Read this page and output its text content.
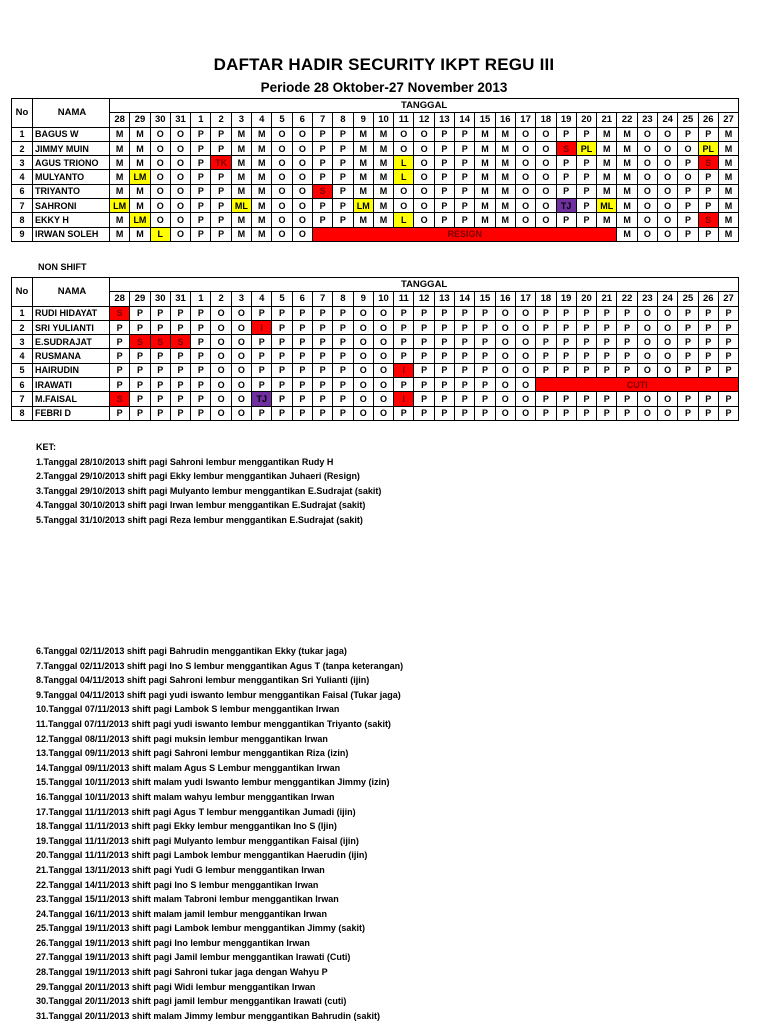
DAFTAR HADIR SECURITY IKPT REGU III
Periode 28 Oktober-27 November 2013
No	NAMA	TANGGAL																														
		28	29	30	31	1	2	3	4	5	6	7	8	9	10	11	12	13	14	15	16	17	18	19	20	21	22	23	24	25	26	27
1	BAGUS W	M	M	O	O	P	P	M	M	O	O	P	P	M	M	O	O	P	P	M	M	O	O	P	P	M	M	O	O	P	P	M
2	JIMMY MUIN	M	M	O	O	P	P	M	M	O	O	P	P	M	M	O	O	P	P	M	M	O	O	S	PL	M	M	O	O	O	PL	M
3	AGUS TRIONO	M	M	O	O	P	TK	M	M	O	O	P	P	M	M	L	O	P	P	M	M	O	O	P	P	M	M	O	O	P	S	M
4	MULYANTO	M	LM	O	O	P	P	M	M	O	O	P	P	M	M	L	O	P	P	M	M	O	O	P	P	M	M	O	O	O	P	M
6	TRIYANTO	M	M	O	O	P	P	M	M	O	O	S	P	M	M	O	O	P	P	M	M	O	O	P	P	M	M	O	O	P	P	M
7	SAHRONI	LM	M	O	O	P	P	ML	M	O	O	P	P	LM	M	O	O	P	P	M	M	O	O	TJ	P	ML	M	O	O	P	P	M
8	EKKY H	M	LM	O	O	P	P	M	M	O	O	P	P	M	M	L	O	P	P	M	M	O	O	P	P	M	M	O	O	P	S	M
9	IRWAN SOLEH	M	M	L	O	P	P	M	M	O	O	RESIGN															M	O	O	P	P	M
NON SHIFT
No	NAMA	TANGGAL																														
		28	29	30	31	1	2	3	4	5	6	7	8	9	10	11	12	13	14	15	16	17	18	19	20	21	22	23	24	25	26	27
1	RUDI HIDAYAT	S	P	P	P	P	O	O	P	P	P	P	P	O	O	P	P	P	P	P	O	O	P	P	P	P	P	O	O	P	P	P
2	SRI YULIANTI	P	P	P	P	P	O	O	I	P	P	P	P	O	O	P	P	P	P	P	O	O	P	P	P	P	P	O	O	P	P	P
3	E.SUDRAJAT	P	S	S	S	P	O	O	P	P	P	P	P	O	O	P	P	P	P	P	O	O	P	P	P	P	P	O	O	P	P	P
4	RUSMANA	P	P	P	P	P	O	O	P	P	P	P	P	O	O	P	P	P	P	P	O	O	P	P	P	P	P	O	O	P	P	P
5	HAIRUDIN	P	P	P	P	P	O	O	P	P	P	P	P	O	O	I	P	P	P	P	O	O	P	P	P	P	P	O	O	P	P	P
6	IRAWATI	P	P	P	P	P	O	O	P	P	P	P	P	O	O	P	P	P	P	P	O	O	CUTI									
7	M.FAISAL	S	P	P	P	P	O	O	TJ	P	P	P	P	O	O	I	P	P	P	P	O	O	P	P	P	P	P	O	O	P	P	P
8	FEBRI D	P	P	P	P	P	O	O	P	P	P	P	P	O	O	P	P	P	P	P	O	O	P	P	P	P	P	O	O	P	P	P
KET:
1.Tanggal 28/10/2013 shift pagi Sahroni lembur menggantikan Rudy H
2.Tanggal 29/10/2013 shift pagi Ekky lembur menggantikan Juhaeri (Resign)
3.Tanggal 29/10/2013 shift pagi Mulyanto lembur menggantikan E.Sudrajat (sakit)
4.Tanggal 30/10/2013 shift pagi Irwan lembur menggantikan E.Sudrajat (sakit)
5.Tanggal 31/10/2013 shift pagi Reza lembur menggantikan E.Sudrajat (sakit)
6.Tanggal 02/11/2013 shift pagi Bahrudin menggantikan Ekky (tukar jaga)
7.Tanggal 02/11/2013 shift pagi Ino S lembur menggantikan Agus T (tanpa keterangan)
8.Tanggal 04/11/2013 shift pagi Sahroni lembur menggantikan Sri Yulianti (ijin)
9.Tanggal 04/11/2013 shift pagi yudi iswanto lembur menggantikan Faisal (Tukar jaga)
10.Tanggal 07/11/2013 shift pagi Lambok S lembur menggantikan Irwan
11.Tanggal 07/11/2013 shift pagi yudi iswanto lembur menggantikan Triyanto (sakit)
12.Tanggal 08/11/2013 shift pagi muksin lembur menggantikan Irwan
13.Tanggal 09/11/2013 shift pagi Sahroni lembur menggantikan Riza (izin)
14.Tanggal 09/11/2013 shift malam Agus S Lembur menggantikan Irwan
15.Tanggal 10/11/2013 shift malam yudi Iswanto lembur menggantikan Jimmy (izin)
16.Tanggal 10/11/2013 shift malam wahyu lembur menggantikan Irwan
17.Tanggal 11/11/2013 shift pagi Agus T lembur menggantikan Jumadi (ijin)
18.Tanggal 11/11/2013 shift pagi Ekky lembur menggantikan Ino S (Ijin)
19.Tanggal 11/11/2013 shift pagi Mulyanto lembur menggantikan Faisal (ijin)
20.Tanggal 11/11/2013 shift pagi Lambok lembur menggantikan Haerudin (ijin)
21.Tanggal 13/11/2013 shift pagi Yudi G lembur menggantikan Irwan
22.Tanggal 14/11/2013 shift pagi Ino S lembur menggantikan Irwan
23.Tanggal 15/11/2013 shift malam Tabroni lembur menggantikan Irwan
24.Tanggal 16/11/2013 shift malam jamil lembur menggantikan Irwan
25.Tanggal 19/11/2013 shift pagi Lambok lembur menggantikan Jimmy (sakit)
26.Tanggal 19/11/2013 shift pagi Ino lembur menggantikan Irwan
27.Tanggal 19/11/2013 shift pagi Jamil lembur menggantikan Irawati (Cuti)
28.Tanggal 19/11/2013 shift pagi Sahroni tukar jaga dengan Wahyu P
29.Tanggal 20/11/2013 shift pagi Widi lembur menggantikan Irwan
30.Tanggal 20/11/2013 shift pagi jamil lembur menggantikan Irawati (cuti)
31.Tanggal 20/11/2013 shift malam Jimmy lembur menggantikan Bahrudin (sakit)
